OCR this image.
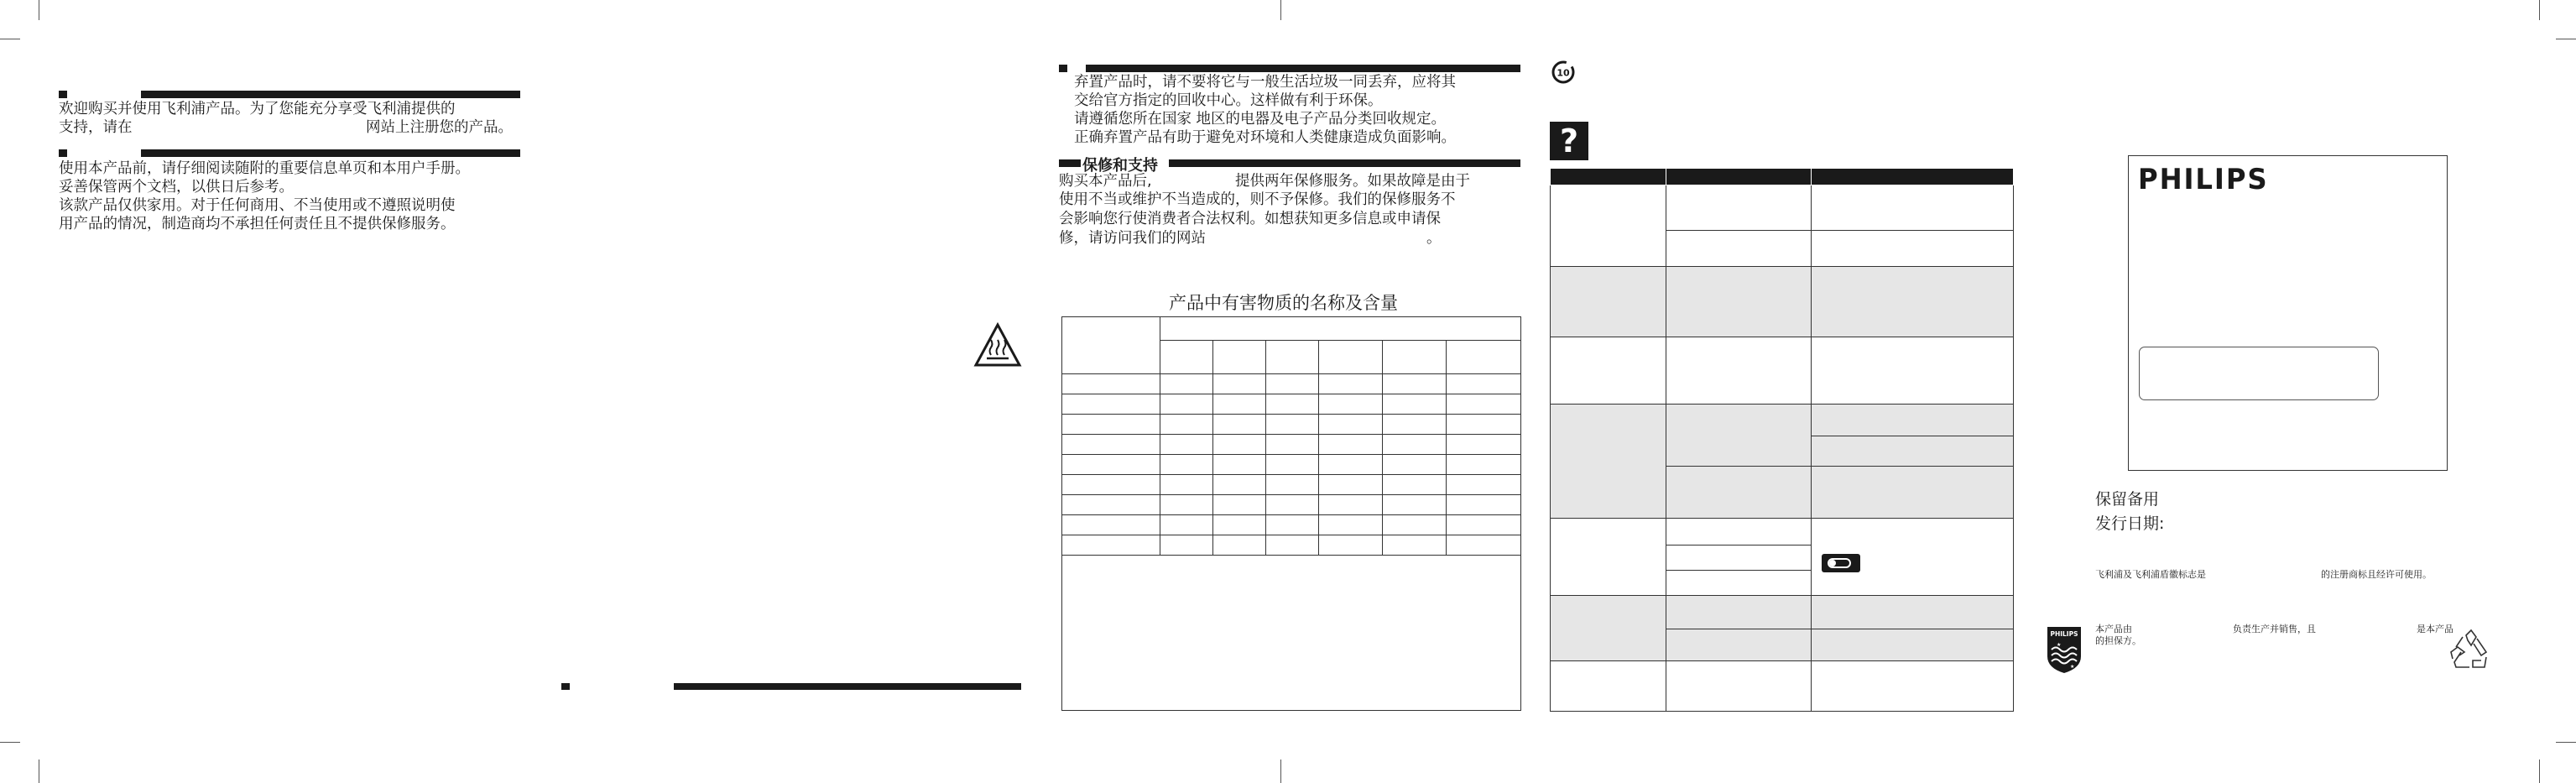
欢迎购买并使用飞利浦产品。为了您能充分享受飞利浦提供的
支持，请在	网站上注册您的产品。
使用本产品前，请仔细阅读随附的重要信息单页和本用户手册。
妥善保管两个文档，以供日后参考。
该款产品仅供家用。对于任何商用、不当使用或不遵照说明使
用产品的情况，制造商均不承担任何责任且不提供保修服务。
弃置产品时，请不要将它与一般生活垃圾一同丢弃，应将其
交给官方指定的回收中心。这样做有利于环保。
请遵循您所在国家 地区的电器及电子产品分类回收规定。
正确弃置产品有助于避免对环境和人类健康造成负面影响。
保修和支持
购买本产品后,	提供两年保修服务。如果故障是由于
使用不当或维护不当造成的，则不予保修。我们的保修服务不
会影响您行使消费者合法权利。如想获知更多信息或申请保
修，请访问我们的网站	。
产品中有害物质的名称及含量

10
?

PHILIPS
保留备用
发行日期:
飞利浦及飞利浦盾徽标志是	的注册商标且经许可使用。
PHILIPS
★
★
本产品由	负责生产并销售，且	是本产品
的担保方。
